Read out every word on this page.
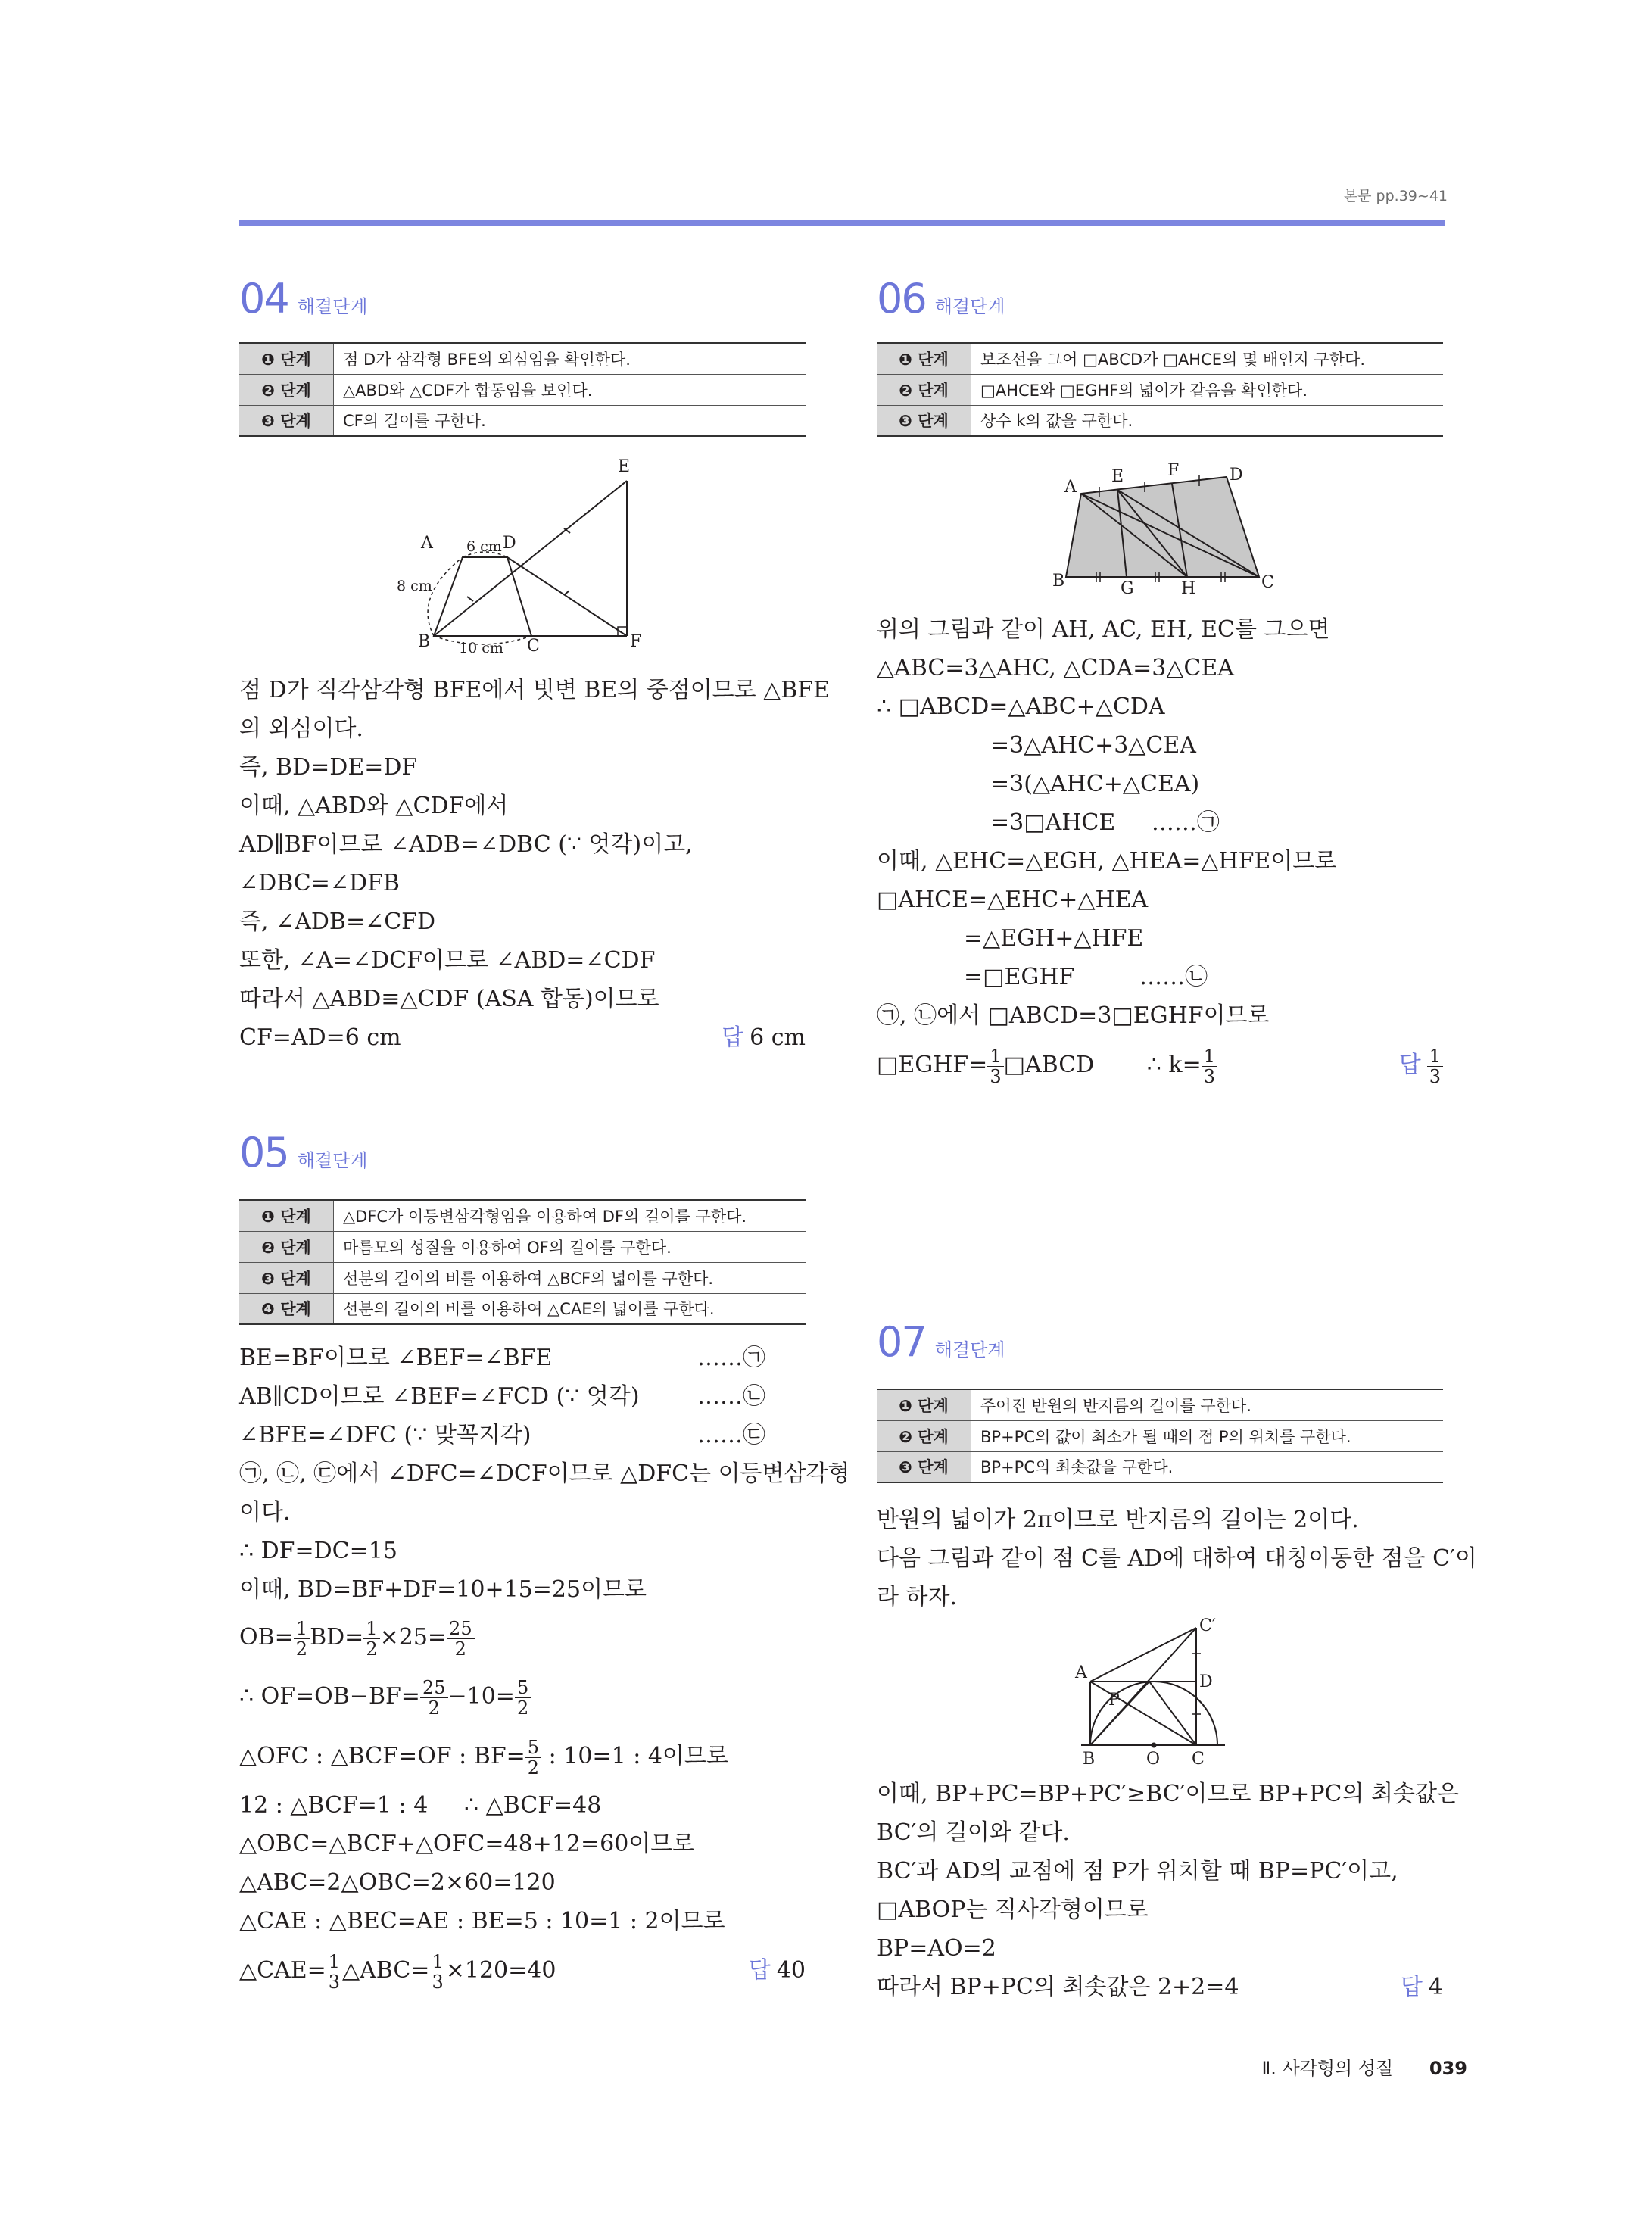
본문 pp.39~41
04 해결단계
❶ 단계	점 D가 삼각형 BFE의 외심임을 확인한다.
❷ 단계	△ABD와 △CDF가 합동임을 보인다.
❸ 단계	CF의 길이를 구한다.
A
B	C
D
E
F
6 cm
8 cm
10 cm
점 D가 직각삼각형 BFE에서 빗변 BE의 중점이므로 △BFE
의 외심이다.
즉, BD=DE=DF
이때, △ABD와 △CDF에서
AD∥BF이므로 ∠ADB=∠DBC (∵ 엇각)이고,
∠DBC=∠DFB
즉, ∠ADB=∠CFD
또한, ∠A=∠DCF이므로 ∠ABD=∠CDF
따라서 △ABD≡△CDF (ASA 합동)이므로
CF=AD=6 cm	답 6 cm
05 해결단계
❶ 단계	△DFC가 이등변삼각형임을 이용하여 DF의 길이를 구한다.
❷ 단계	마름모의 성질을 이용하여 OF의 길이를 구한다.
❸ 단계	선분의 길이의 비를 이용하여 △BCF의 넓이를 구한다.
❹ 단계	선분의 길이의 비를 이용하여 △CAE의 넓이를 구한다.
BE=BF이므로 ∠BEF=∠BFE	……㉠
AB∥CD이므로 ∠BEF=∠FCD (∵ 엇각)	……㉡
∠BFE=∠DFC (∵ 맞꼭지각)	……㉢
㉠, ㉡, ㉢에서 ∠DFC=∠DCF이므로 △DFC는 이등변삼각형
이다.
∴ DF=DC=15
이때, BD=BF+DF=10+15=25이므로
$OB= \frac{1}{2} BD= \frac{1}{2} \times 25= \frac{25}{2}$
∴ $OF=OB-BF= \frac{25}{2} -10= \frac{5}{2}$
△OFC : △BCF=OF : $BF= \frac{5}{2}$ : 10=1 : 4이므로
12 : △BCF=1 : 4     ∴ △BCF=48
△OBC=△BCF+△OFC=48+12=60이므로
△ABC=2△OBC=2×60=120
△CAE : △BEC=AE : BE=5 : 10=1 : 2이므로
△CAE= $\frac{1}{3}$ △ABC= $\frac{1}{3} \times 120=40$	답 40
06 해결단계
❶ 단계	보조선을 그어 □ABCD가 □AHCE의 몇 배인지 구한다.
❷ 단계	□AHCE와 □EGHF의 넓이가 같음을 확인한다.
❸ 단계	상수 k의 값을 구한다.
A
B	C
D
E	F
G	H
위의 그림과 같이 AH, AC, EH, EC를 그으면
△ABC=3△AHC, △CDA=3△CEA
∴ □ABCD=△ABC+△CDA
=3△AHC+3△CEA
=3(△AHC+△CEA)
=3□AHCE     ……㉠
이때, △EHC=△EGH, △HEA=△HFE이므로
□AHCE=△EHC+△HEA
=△EGH+△HFE
=□EGHF         ……㉡
㉠, ㉡에서 □ABCD=3□EGHF이므로
□EGHF= $\frac{1}{3}$ □ABCD ∴ $k= \frac{1}{3}$	답 $\frac{1}{3}$
07 해결단계
❶ 단계	주어진 반원의 반지름의 길이를 구한다.
❷ 단계	BP+PC의 값이 최소가 될 때의 점 P의 위치를 구한다.
❸ 단계	BP+PC의 최솟값을 구한다.
반원의 넓이가 2π이므로 반지름의 길이는 2이다.
다음 그림과 같이 점 C를 AD에 대하여 대칭이동한 점을 C′이
라 하자.
A
B	C
D
O
P
C′
이때, BP+PC=BP+PC′≥BC′이므로 BP+PC의 최솟값은
BC′의 길이와 같다.
BC′과 AD의 교점에 점 P가 위치할 때 BP=PC′이고,
□ABOP는 직사각형이므로
BP=AO=2
따라서 BP+PC의 최솟값은 2+2=4	답 4
Ⅱ. 사각형의 성질 039
